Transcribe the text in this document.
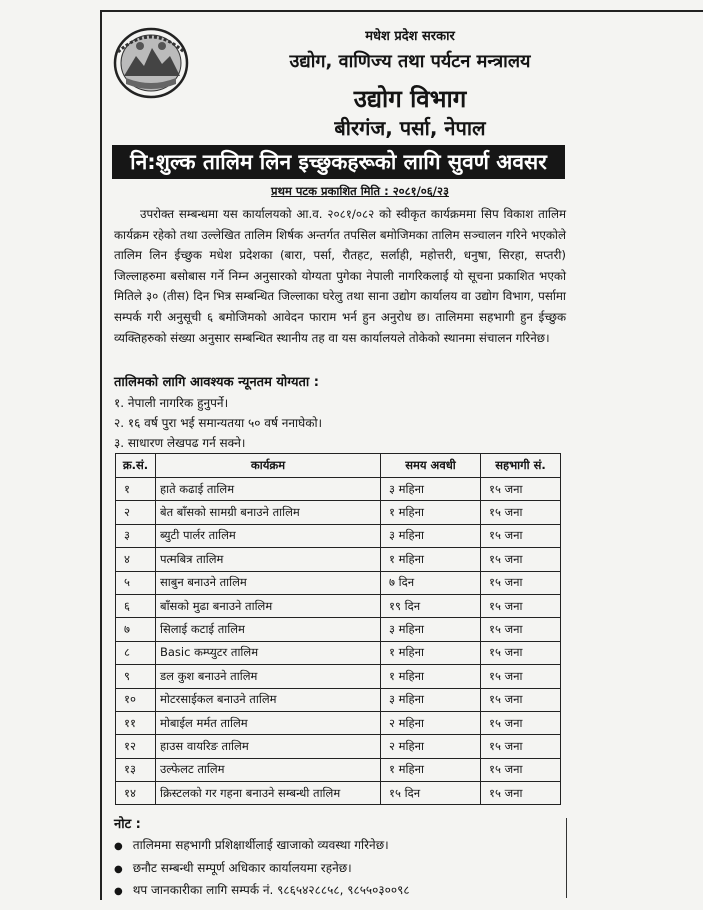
मधेश प्रदेश सरकार
उद्योग, वाणिज्य तथा पर्यटन मन्त्रालय
उद्योग विभाग
बीरगंज, पर्सा, नेपाल
नि:शुल्क तालिम लिन इच्छुकहरूको लागि सुवर्ण अवसर
प्रथम पटक प्रकाशित मिति : २०८१/०६/२३
उपरोक्त सम्बन्धमा यस कार्यालयको आ.व. २०८१/०८२ को स्वीकृत कार्यक्रममा सिप विकाश तालिम कार्यक्रम रहेको तथा उल्लेखित तालिम शिर्षक अन्तर्गत तपसिल बमोजिमका तालिम सञ्चालन गरिने भएकोले तालिम लिन ईच्छुक मधेश प्रदेशका (बारा, पर्सा, रौतहट, सर्लाही, महोत्तरी, धनुषा, सिरहा, सप्तरी) जिल्लाहरुमा बसोबास गर्ने निम्न अनुसारको योग्यता पुगेका नेपाली नागरिकलाई यो सूचना प्रकाशित भएको मितिले ३० (तीस) दिन भित्र सम्बन्धित जिल्लाका घरेलु तथा साना उद्योग कार्यालय वा उद्योग विभाग, पर्सामा सम्पर्क गरी अनुसूची ६ बमोजिमको आवेदन फाराम भर्न हुन अनुरोध छ। तालिममा सहभागी हुन ईच्छुक व्यक्तिहरुको संख्या अनुसार सम्बन्धित स्थानीय तह वा यस कार्यालयले तोकेको स्थानमा संचालन गरिनेछ।
तालिमको लागि आवश्यक न्यूनतम योग्यता :
१. नेपाली नागरिक हुनुपर्ने।
२. १६ वर्ष पुरा भई समान्यतया ५० वर्ष ननाघेको।
३. साधारण लेखपढ गर्न सक्ने।
क्र.सं.	कार्यक्रम	समय अवधी	सहभागी सं.
१	हाते कढाई तालिम	३ महिना	१५ जना
२	बेत बाँसको सामग्री बनाउने तालिम	१ महिना	१५ जना
३	ब्युटी पार्लर तालिम	३ महिना	१५ जना
४	पत्मबित्र तालिम	१ महिना	१५ जना
५	साबुन बनाउने तालिम	७ दिन	१५ जना
६	बाँसको मुढा बनाउने तालिम	१९ दिन	१५ जना
७	सिलाई कटाई तालिम	३ महिना	१५ जना
८	Basic कम्प्युटर तालिम	१ महिना	१५ जना
९	डल कुश बनाउने तालिम	१ महिना	१५ जना
१०	मोटरसाईकल बनाउने तालिम	३ महिना	१५ जना
११	मोबाईल मर्मत तालिम	२ महिना	१५ जना
१२	हाउस वायरिङ तालिम	२ महिना	१५ जना
१३	उल्फेलट तालिम	१ महिना	१५ जना
१४	क्रिस्टलको गर गहना बनाउने सम्बन्धी तालिम	१५ दिन	१५ जना
नोट :
● तालिममा सहभागी प्रशिक्षार्थीलाई खाजाको व्यवस्था गरिनेछ।
● छनौट सम्बन्धी सम्पूर्ण अधिकार कार्यालयमा रहनेछ।
● थप जानकारीका लागि सम्पर्क नं. ९८६५४२८८५८, ९८५५०३००९८
